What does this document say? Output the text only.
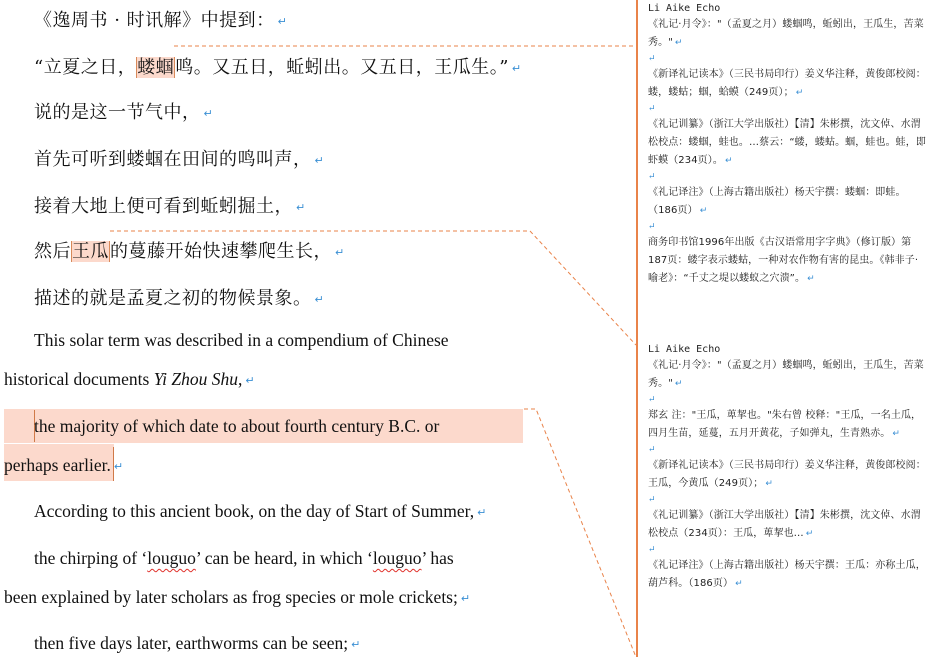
《逸周书 · 时讯解》中提到： ↵
“立夏之日，蝼蝈鸣。又五日，蚯蚓出。又五日，王瓜生。” ↵
说的是这一节气中， ↵
首先可听到蝼蝈在田间的鸣叫声， ↵
接着大地上便可看到蚯蚓掘土， ↵
然后王瓜的蔓藤开始快速攀爬生长， ↵
描述的就是孟夏之初的物候景象。 ↵
This solar term was described in a compendium of Chinese
historical documents Yi Zhou Shu, ↵
the majority of which date to about fourth century B.C. or
perhaps earlier. ↵
According to this ancient book, on the day of Start of Summer, ↵
the chirping of ‘louguo’ can be heard, in which ‘louguo’ has
been explained by later scholars as frog species or mole crickets; ↵
then five days later, earthworms can be seen; ↵
Li Aike Echo

《礼记·月令》："（孟夏之月）蝼蝈鸣，蚯蚓出，王瓜生，苦菜秀。" ↵

↵

《新译礼记读本》（三民书局印行）姜义华注释，黄俊郎校阅：蝼，蝼蛄；蝈，蛤蟆（249页）； ↵

↵

《礼记训纂》（浙江大学出版社）【清】朱彬撰，沈文倬、水渭松校点：蝼蝈，蛙也。…蔡云：“蝼，蝼蛄。蝈，蛙也。蛙，即虾蟆（234页）。 ↵

↵

《礼记译注》（上海古籍出版社）杨天宇撰：蝼蝈：即蛙。（186页） ↵

↵

商务印书馆1996年出版《古汉语常用字字典》（修订版）第187页：蝼字表示蝼蛄，一种对农作物有害的昆虫。《韩非子·喻老》：“千丈之堤以蝼蚁之穴溃”。 ↵

Li Aike Echo

《礼记·月令》："（孟夏之月）蝼蝈鸣，蚯蚓出，王瓜生，苦菜秀。" ↵

↵

郑玄 注："王瓜，萆挈也。"朱右曾 校释："王瓜，一名土瓜，四月生苗，延蔓，五月开黄花，子如弹丸，生青熟赤。 ↵

↵

《新译礼记读本》（三民书局印行）姜义华注释，黄俊郎校阅：王瓜，今黄瓜（249页）； ↵

↵

《礼记训纂》（浙江大学出版社）【清】朱彬撰，沈文倬、水渭松校点（234页）：王瓜，萆挈也… ↵

↵

《礼记译注》（上海古籍出版社）杨天宇撰：王瓜：亦称土瓜，葫芦科。（186页） ↵
